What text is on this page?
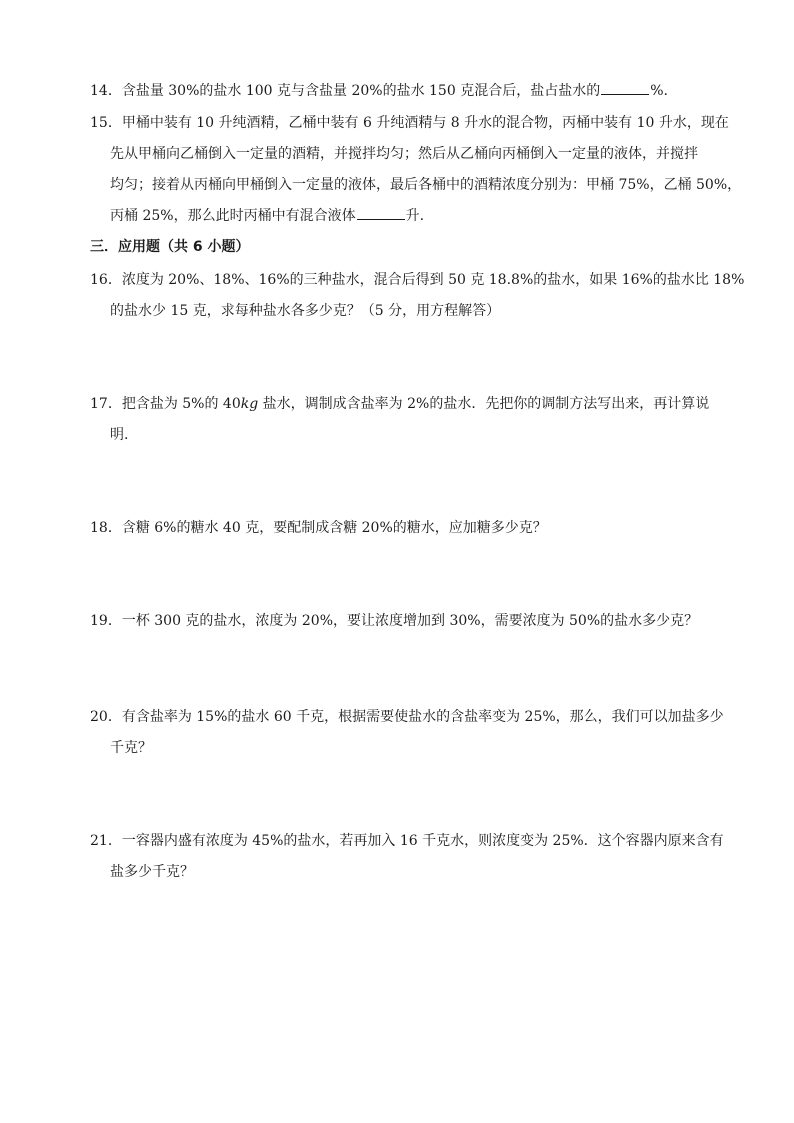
14．含盐量 30%的盐水 100 克与含盐量 20%的盐水 150 克混合后，盐占盐水的	%.
15．甲桶中装有 10 升纯酒精，乙桶中装有 6 升纯酒精与 8 升水的混合物，丙桶中装有 10 升水，现在
先从甲桶向乙桶倒入一定量的酒精，并搅拌均匀；然后从乙桶向丙桶倒入一定量的液体，并搅拌
均匀；接着从丙桶向甲桶倒入一定量的液体，最后各桶中的酒精浓度分别为：甲桶 75%，乙桶 50%，
丙桶 25%，那么此时丙桶中有混合液体	升.
三．应用题（共 6 小题）
16．浓度为 20%、18%、16%的三种盐水，混合后得到 50 克 18.8%的盐水，如果 16%的盐水比 18%
的盐水少 15 克，求每种盐水各多少克？（5 分，用方程解答）
17．把含盐为 5%的 40kg 盐水，调制成含盐率为 2%的盐水．先把你的调制方法写出来，再计算说
明.
18．含糖 6%的糖水 40 克，要配制成含糖 20%的糖水，应加糖多少克？
19．一杯 300 克的盐水，浓度为 20%，要让浓度增加到 30%，需要浓度为 50%的盐水多少克？
20．有含盐率为 15%的盐水 60 千克，根据需要使盐水的含盐率变为 25%，那么，我们可以加盐多少
千克？
21．一容器内盛有浓度为 45%的盐水，若再加入 16 千克水，则浓度变为 25%．这个容器内原来含有
盐多少千克？
